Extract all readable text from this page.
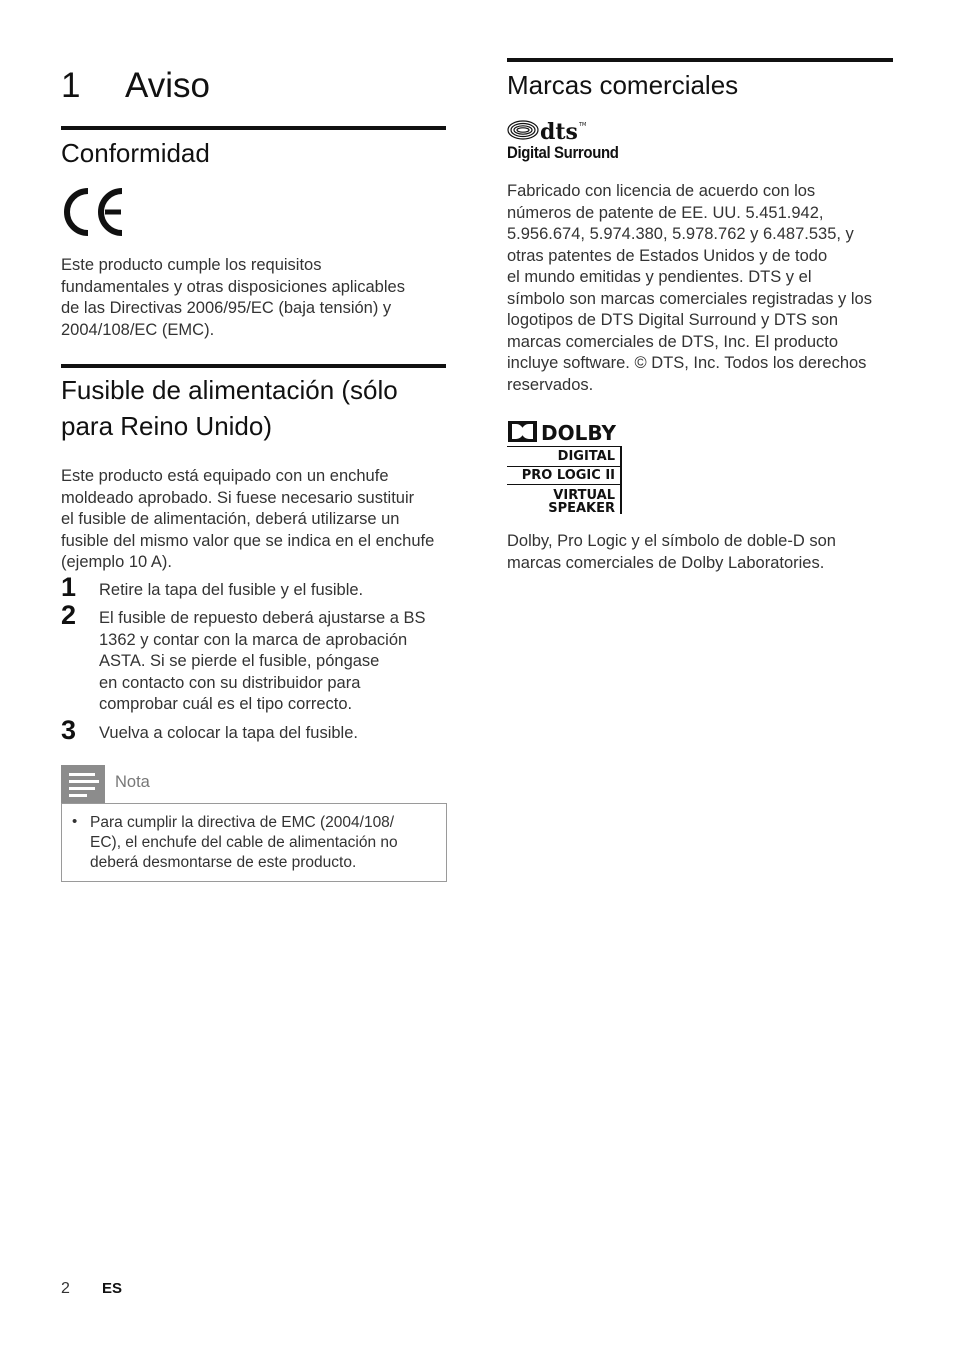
1 Aviso
Conformidad
Este producto cumple los requisitos
fundamentales y otras disposiciones aplicables
de las Directivas 2006/95/EC (baja tensión) y
2004/108/EC (EMC).
Fusible de alimentación (sólo
para Reino Unido)
Este producto está equipado con un enchufe
moldeado aprobado. Si fuese necesario sustituir
el fusible de alimentación, deberá utilizarse un
fusible del mismo valor que se indica en el enchufe
(ejemplo 10 A).
1 Retire la tapa del fusible y el fusible.
2 El fusible de repuesto deberá ajustarse a BS
1362 y contar con la marca de aprobación
ASTA. Si se pierde el fusible, póngase
en contacto con su distribuidor para
comprobar cuál es el tipo correcto.
3 Vuelva a colocar la tapa del fusible.
Nota
• Para cumplir la directiva de EMC (2004/108/
EC), el enchufe del cable de alimentación no
deberá desmontarse de este producto.
Marcas comerciales
dts TM
Digital Surround
Fabricado con licencia de acuerdo con los
números de patente de EE. UU. 5.451.942,
5.956.674, 5.974.380, 5.978.762 y 6.487.535, y
otras patentes de Estados Unidos y de todo
el mundo emitidas y pendientes. DTS y el
símbolo son marcas comerciales registradas y los
logotipos de DTS Digital Surround y DTS son
marcas comerciales de DTS, Inc. El producto
incluye software. © DTS, Inc. Todos los derechos
reservados.
DOLBY
DIGITAL
PRO LOGIC II
VIRTUAL
SPEAKER
Dolby, Pro Logic y el símbolo de doble-D son
marcas comerciales de Dolby Laboratories.
2 ES
